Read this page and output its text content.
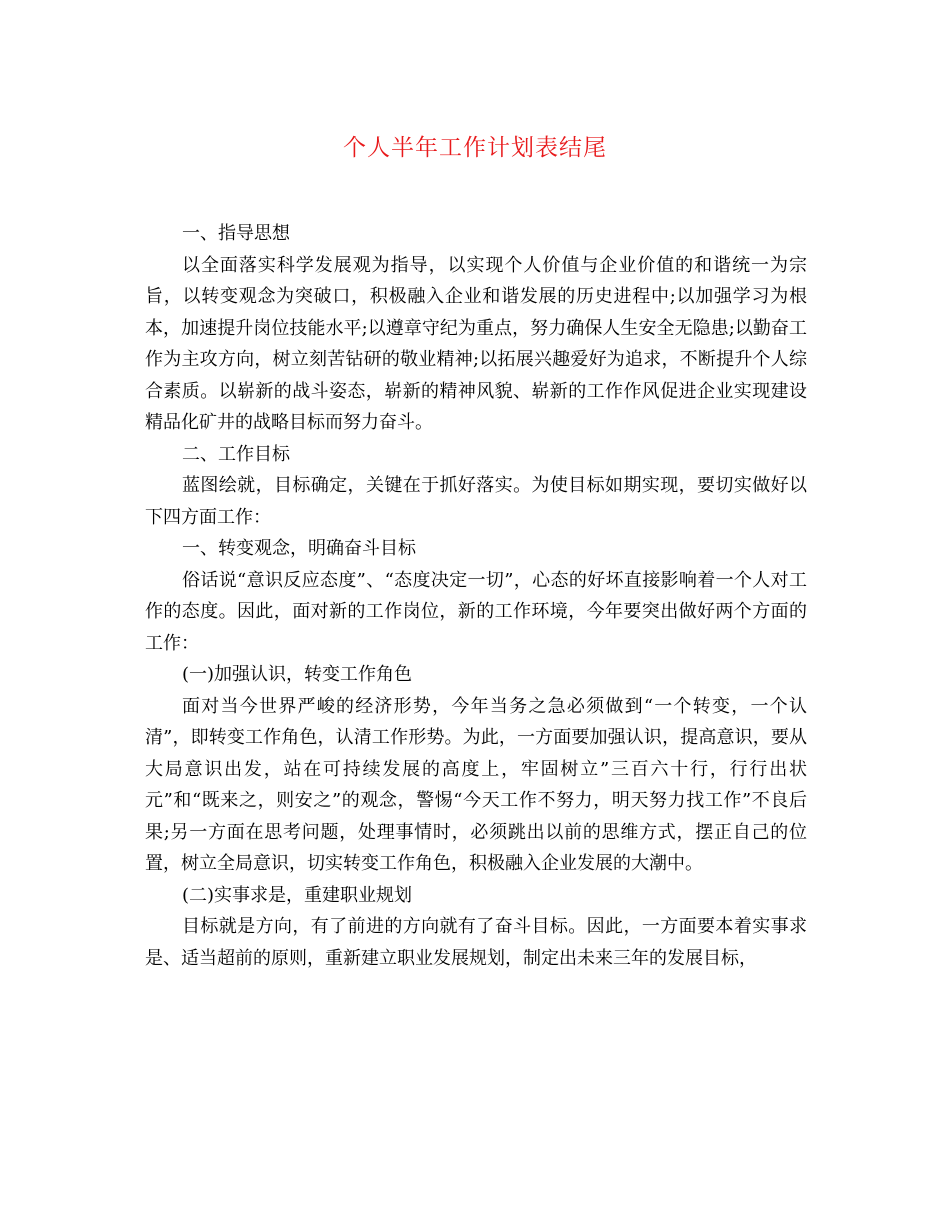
个人半年工作计划表结尾

一、指导思想

以全面落实科学发展观为指导，以实现个人价值与企业价值的和谐统一为宗旨，以转变观念为突破口，积极融入企业和谐发展的历史进程中;以加强学习为根本，加速提升岗位技能水平;以遵章守纪为重点，努力确保人生安全无隐患;以勤奋工作为主攻方向，树立刻苦钻研的敬业精神;以拓展兴趣爱好为追求，不断提升个人综合素质。以崭新的战斗姿态，崭新的精神风貌、崭新的工作作风促进企业实现建设精品化矿井的战略目标而努力奋斗。

二、工作目标

蓝图绘就，目标确定，关键在于抓好落实。为使目标如期实现，要切实做好以下四方面工作：

一、转变观念，明确奋斗目标

俗话说“意识反应态度”、“态度决定一切”，心态的好坏直接影响着一个人对工作的态度。因此，面对新的工作岗位，新的工作环境，今年要突出做好两个方面的工作：

(一)加强认识，转变工作角色

面对当今世界严峻的经济形势，今年当务之急必须做到“一个转变，一个认清”，即转变工作角色，认清工作形势。为此，一方面要加强认识，提高意识，要从大局意识出发，站在可持续发展的高度上，牢固树立”三百六十行，行行出状元”和“既来之，则安之”的观念，警惕“今天工作不努力，明天努力找工作”不良后果;另一方面在思考问题，处理事情时，必须跳出以前的思维方式，摆正自己的位置，树立全局意识，切实转变工作角色，积极融入企业发展的大潮中。

(二)实事求是，重建职业规划

目标就是方向，有了前进的方向就有了奋斗目标。因此，一方面要本着实事求是、适当超前的原则，重新建立职业发展规划，制定出未来三年的发展目标，
